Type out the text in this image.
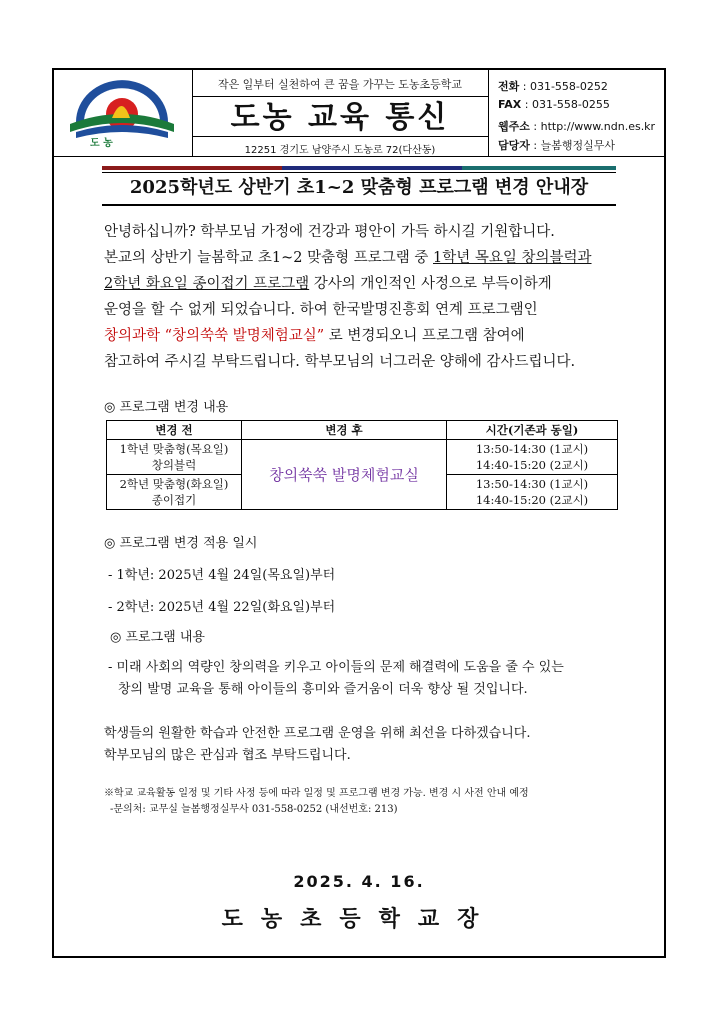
도 농
작은 일부터 실천하여 큰 꿈을 가꾸는 도농초등학교
도농 교육 통신
12251 경기도 남양주시 도농로 72(다산동)
전화 : 031-558-0252
FAX : 031-558-0255
웹주소 : http://www.ndn.es.kr
담당자 : 늘봄행정실무사
2025학년도 상반기 초1~2 맞춤형 프로그램 변경 안내장
안녕하십니까? 학부모님 가정에 건강과 평안이 가득 하시길 기원합니다.
본교의 상반기 늘봄학교 초1~2 맞춤형 프로그램 중 1학년 목요일 창의블럭과
2학년 화요일 종이접기 프로그램 강사의 개인적인 사정으로 부득이하게
운영을 할 수 없게 되었습니다. 하여 한국발명진흥회 연계 프로그램인
창의과학 “창의쑥쑥 발명체험교실” 로 변경되오니 프로그램 참여에
참고하여 주시길 부탁드립니다. 학부모님의 너그러운 양해에 감사드립니다.
◎ 프로그램 변경 내용
변경 전	변경 후	시간(기존과 동일)
1학년 맞춤형(목요일)
창의블럭	창의쑥쑥 발명체험교실	13:50-14:30 (1교시)
14:40-15:20 (2교시)
2학년 맞춤형(화요일)
종이접기		13:50-14:30 (1교시)
14:40-15:20 (2교시)
◎ 프로그램 변경 적용 일시
- 1학년: 2025년 4월 24일(목요일)부터
- 2학년: 2025년 4월 22일(화요일)부터
◎ 프로그램 내용
- 미래 사회의 역량인 창의력을 키우고 아이들의 문제 해결력에 도움을 줄 수 있는
창의 발명 교육을 통해 아이들의 흥미와 즐거움이 더욱 향상 될 것입니다.
학생들의 원활한 학습과 안전한 프로그램 운영을 위해 최선을 다하겠습니다.
학부모님의 많은 관심과 협조 부탁드립니다.
※학교 교육활동 일정 및 기타 사정 등에 따라 일정 및 프로그램 변경 가능. 변경 시 사전 안내 예정
-문의처: 교무실 늘봄행정실무사 031-558-0252 (내선번호: 213)
2025. 4. 16.
도농초등학교장
